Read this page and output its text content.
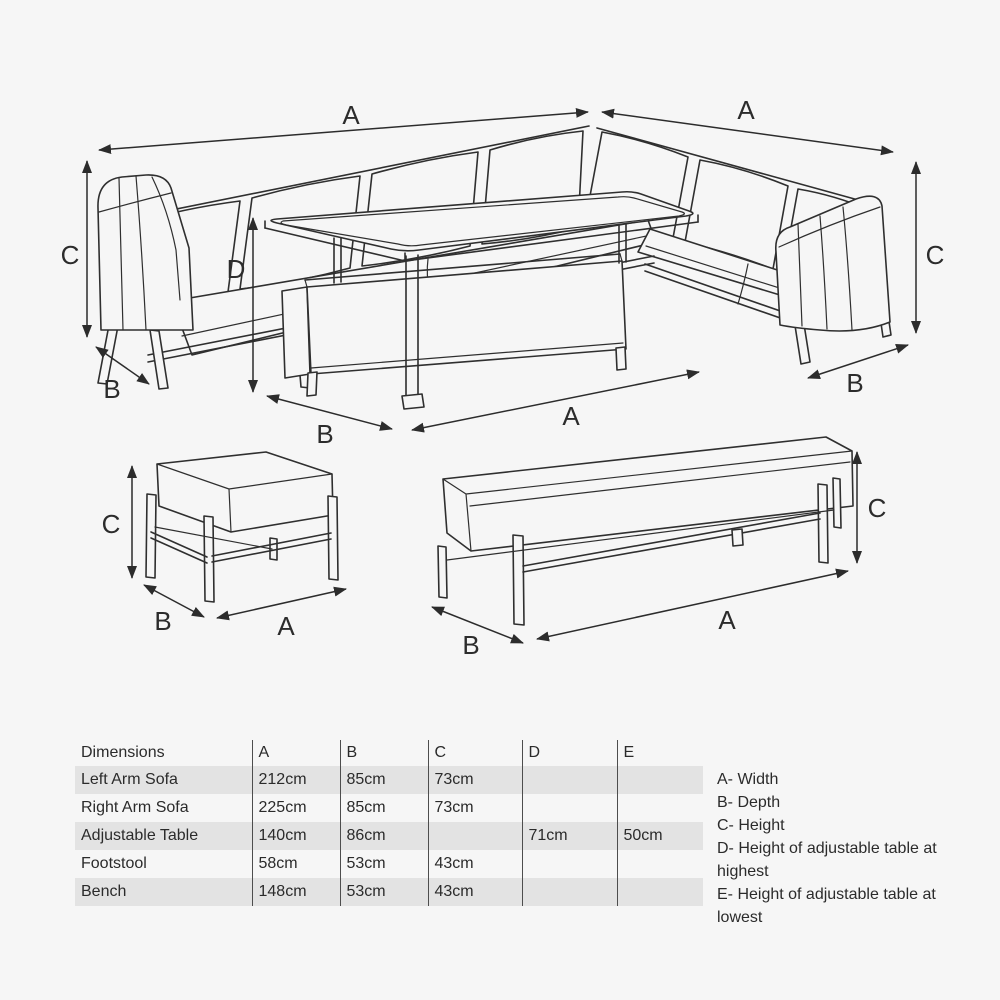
A	A
C
B
D
B
A
C
B
C
B	A
C
B
A
Dimensions	A	B	C	D	E
Left Arm Sofa	212cm	85cm	73cm		
Right Arm Sofa	225cm	85cm	73cm		
Adjustable Table	140cm	86cm		71cm	50cm
Footstool	58cm	53cm	43cm		
Bench	148cm	53cm	43cm		
A- Width
B- Depth
C- Height
D- Height of adjustable table at highest
E- Height of adjustable table at lowest
